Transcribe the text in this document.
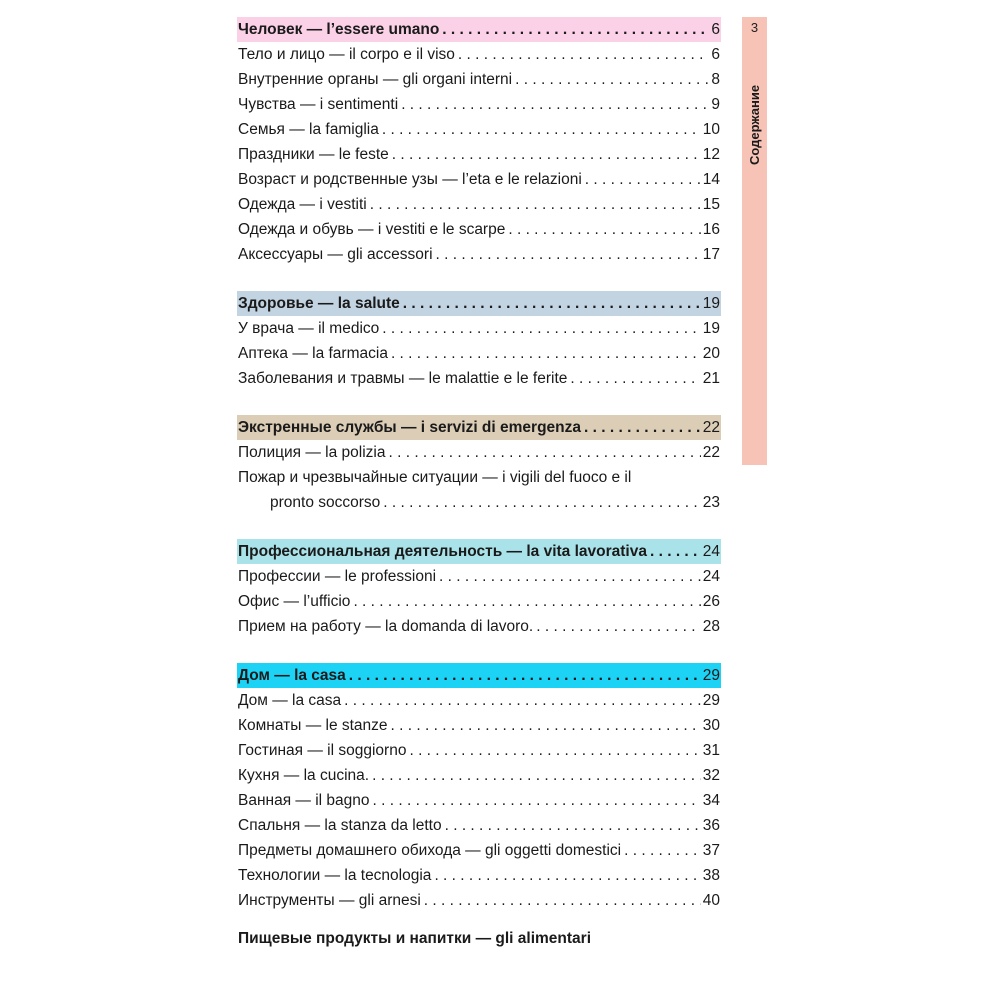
Человек — l’essere umano . . .	6
Тело и лицо — il corpo e il viso . . .	6
Внутренние органы — gli organi interni . . .	8
Чувства — i sentimenti . . .	9
Семья — la famiglia . . .	10
Праздники — le feste . . .	12
Возраст и родственные узы — l’eta e le relazioni . . .	14
Одежда — i vestiti . . .	15
Одежда и обувь — i vestiti e le scarpe . . .	16
Аксессуары — gli accessori . . .	17
Здоровье — la salute . . .	19
У врача — il medico . . .	19
Аптека — la farmacia . . .	20
Заболевания и травмы — le malattie e le ferite . . .	21
Экстренные службы — i servizi di emergenza . . .	22
Полиция — la polizia . . .	22
Пожар и чрезвычайные ситуации — i vigili del fuoco e il
pronto soccorso . . .	23
Профессиональная деятельность — la vita lavorativa . . .	24
Профессии — le professioni . . .	24
Офис — l’ufficio . . .	26
Прием на работу — la domanda di lavoro. . . .	28
Дом — la casa . . .	29
Дом — la casa . . .	29
Комнаты — le stanze . . .	30
Гостиная — il soggiorno . . .	31
Кухня — la cucina. . . .	32
Ванная — il bagno . . .	34
Спальня — la stanza da letto . . .	36
Предметы домашнего обихода — gli oggetti domestici . . .	37
Технологии — la tecnologia . . .	38
Инструменты — gli arnesi . . .	40
Пищевые продукты и напитки — gli alimentari
3
Содержание
